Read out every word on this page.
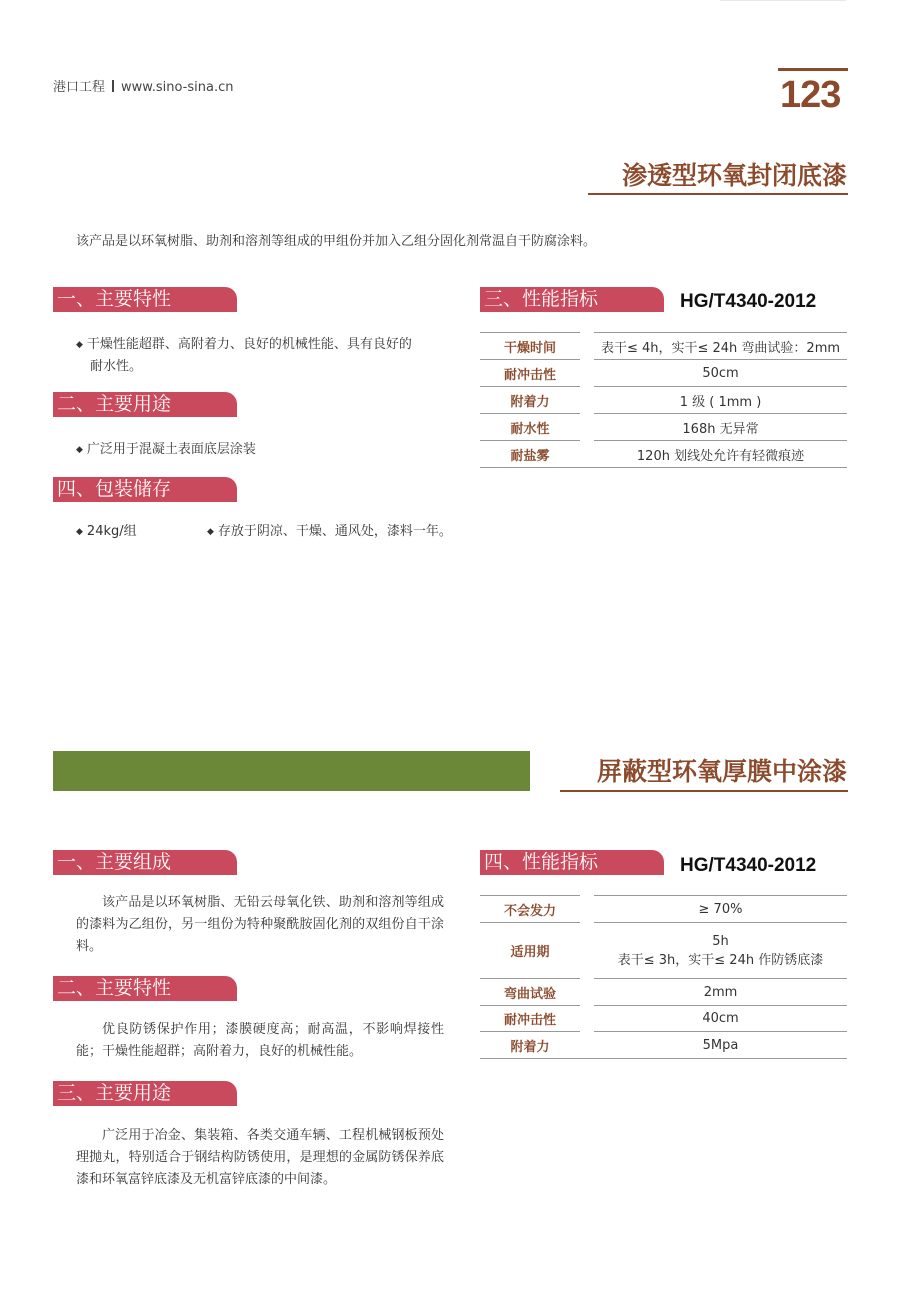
港口工程 www.sino-sina.cn	123
渗透型环氧封闭底漆
该产品是以环氧树脂、助剂和溶剂等组成的甲组份并加入乙组分固化剂常温自干防腐涂料。
一、主要特性
◆ 干燥性能超群、高附着力、良好的机械性能、具有良好的
耐水性。
二、主要用途
◆ 广泛用于混凝土表面底层涂装
四、包装储存
◆ 24kg/组	◆ 存放于阴凉、干燥、通风处，漆料一年。
三、性能指标	HG/T4340-2012
干燥时间		表干≤ 4h，实干≤ 24h 弯曲试验：2mm
耐冲击性		50cm
附着力		1 级 ( 1mm )
耐水性		168h 无异常
耐盐雾		120h 划线处允许有轻微痕迹
屏蔽型环氧厚膜中涂漆
一、主要组成
该产品是以环氧树脂、无铅云母氧化铁、助剂和溶剂等组成的漆料为乙组份，另一组份为特种聚酰胺固化剂的双组份自干涂料。
二、主要特性
优良防锈保护作用；漆膜硬度高；耐高温，不影响焊接性能；干燥性能超群；高附着力，良好的机械性能。
三、主要用途
广泛用于冶金、集装箱、各类交通车辆、工程机械钢板预处理抛丸，特别适合于钢结构防锈使用，是理想的金属防锈保养底漆和环氧富锌底漆及无机富锌底漆的中间漆。
四、性能指标	HG/T4340-2012
不会发力		≥ 70%
适用期		5h
表干≤ 3h，实干≤ 24h 作防锈底漆

弯曲试验		2mm
耐冲击性		40cm
附着力		5Mpa
